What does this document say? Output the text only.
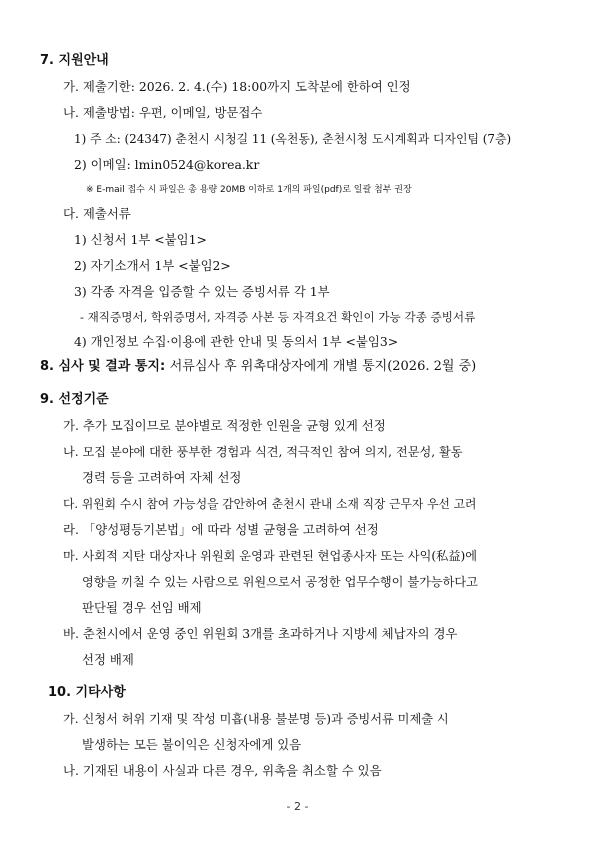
7. 지원안내
가. 제출기한: 2026. 2. 4.(수) 18:00까지 도착분에 한하여 인정
나. 제출방법: 우편, 이메일, 방문접수
1) 주 소: (24347) 춘천시 시청길 11 (옥천동), 춘천시청 도시계획과 디자인팀 (7층)
2) 이메일: lmin0524@korea.kr
※ E-mail 접수 시 파일은 총 용량 20MB 이하로 1개의 파일(pdf)로 일괄 첨부 권장
다. 제출서류
1) 신청서 1부 <붙임1>
2) 자기소개서 1부 <붙임2>
3) 각종 자격을 입증할 수 있는 증빙서류 각 1부
- 재직증명서, 학위증명서, 자격증 사본 등 자격요건 확인이 가능 각종 증빙서류
4) 개인정보 수집·이용에 관한 안내 및 동의서 1부 <붙임3>
8. 심사 및 결과 통지: 서류심사 후 위촉대상자에게 개별 통지(2026. 2월 중)
9. 선정기준
가. 추가 모집이므로 분야별로 적정한 인원을 균형 있게 선정
나. 모집 분야에 대한 풍부한 경험과 식견, 적극적인 참여 의지, 전문성, 활동
경력 등을 고려하여 자체 선정
다. 위원회 수시 참여 가능성을 감안하여 춘천시 관내 소재 직장 근무자 우선 고려
라. 「양성평등기본법」에 따라 성별 균형을 고려하여 선정
마. 사회적 지탄 대상자나 위원회 운영과 관련된 현업종사자 또는 사익(私益)에
영향을 끼칠 수 있는 사람으로 위원으로서 공정한 업무수행이 불가능하다고
판단될 경우 선임 배제
바. 춘천시에서 운영 중인 위원회 3개를 초과하거나 지방세 체납자의 경우
선정 배제
10. 기타사항
가. 신청서 허위 기재 및 작성 미흡(내용 불분명 등)과 증빙서류 미제출 시
발생하는 모든 불이익은 신청자에게 있음
나. 기재된 내용이 사실과 다른 경우, 위촉을 취소할 수 있음
- 2 -
